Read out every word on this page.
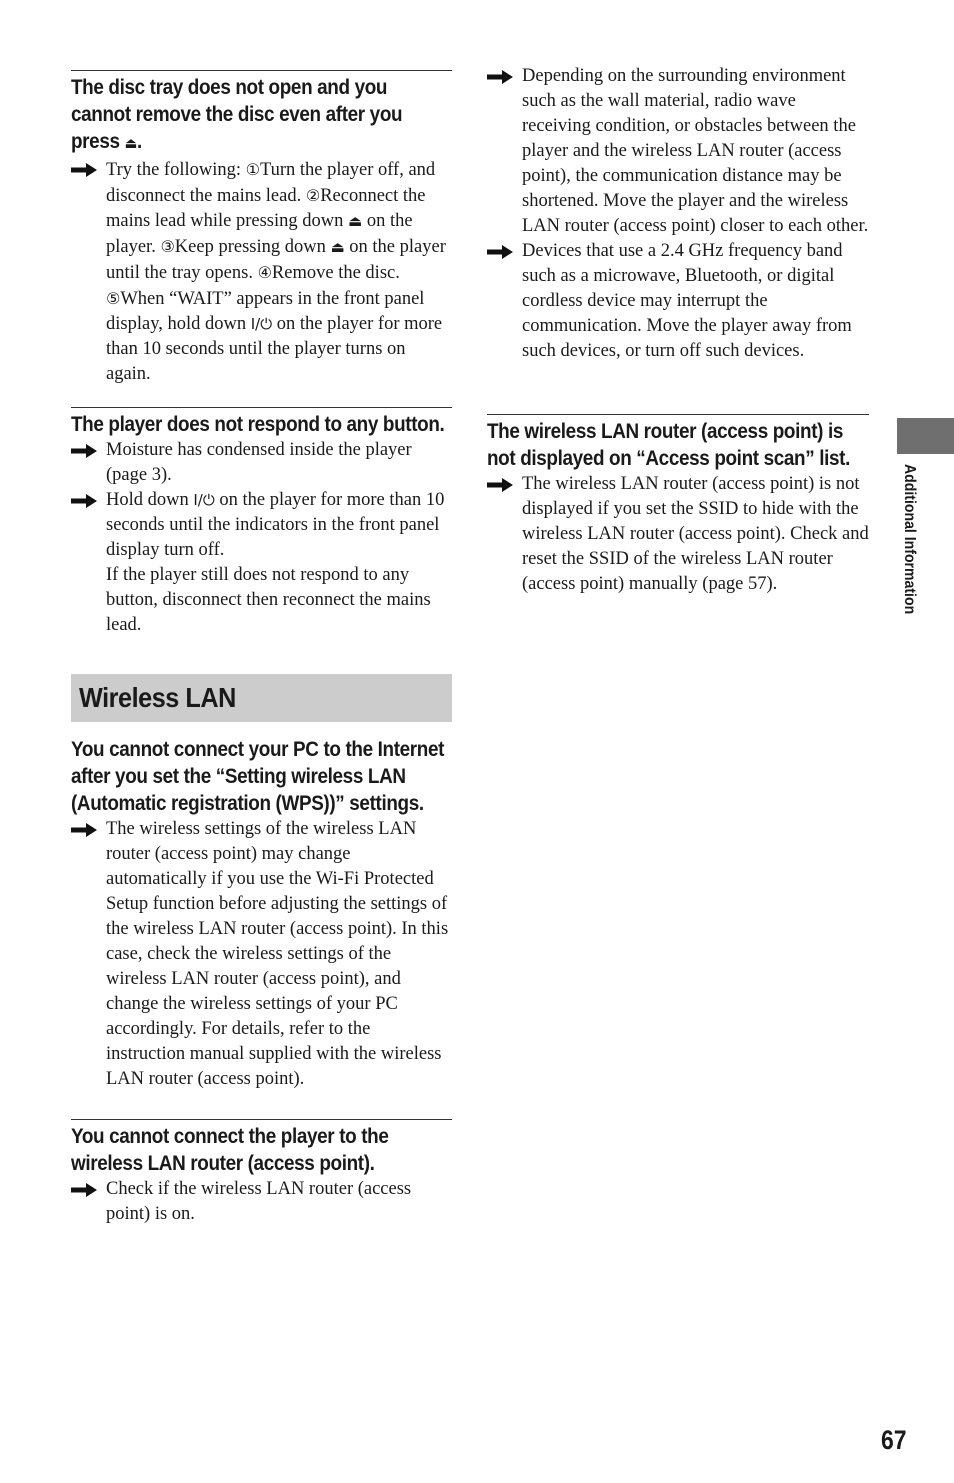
The disc tray does not open and you cannot remove the disc even after you press ⏏.

Try the following: ①Turn the player off, and disconnect the mains lead. ②Reconnect the mains lead while pressing down ⏏ on the player. ③Keep pressing down ⏏ on the player until the tray opens. ④Remove the disc. ⑤When “WAIT” appears in the front panel display, hold down I/⏻ on the player for more than 10 seconds until the player turns on again.

The player does not respond to any button.

Moisture has condensed inside the player (page 3).
Hold down I/⏻ on the player for more than 10 seconds until the indicators in the front panel display turn off.

If the player still does not respond to any button, disconnect then reconnect the mains lead.

You cannot connect your PC to the Internet after you set the “Setting wireless LAN (Automatic registration (WPS))” settings.

The wireless settings of the wireless LAN router (access point) may change automatically if you use the Wi-Fi Protected Setup function before adjusting the settings of the wireless LAN router (access point). In this case, check the wireless settings of the wireless LAN router (access point), and change the wireless settings of your PC accordingly. For details, refer to the instruction manual supplied with the wireless LAN router (access point).

You cannot connect the player to the wireless LAN router (access point).

Check if the wireless LAN router (access point) is on.
Wireless LAN
Depending on the surrounding environment such as the wall material, radio wave receiving condition, or obstacles between the player and the wireless LAN router (access point), the communication distance may be shortened. Move the player and the wireless LAN router (access point) closer to each other.
Devices that use a 2.4 GHz frequency band such as a microwave, Bluetooth, or digital cordless device may interrupt the communication. Move the player away from such devices, or turn off such devices.

The wireless LAN router (access point) is not displayed on “Access point scan” list.

The wireless LAN router (access point) is not displayed if you set the SSID to hide with the wireless LAN router (access point). Check and reset the SSID of the wireless LAN router (access point) manually (page 57).	Additional Information
67
